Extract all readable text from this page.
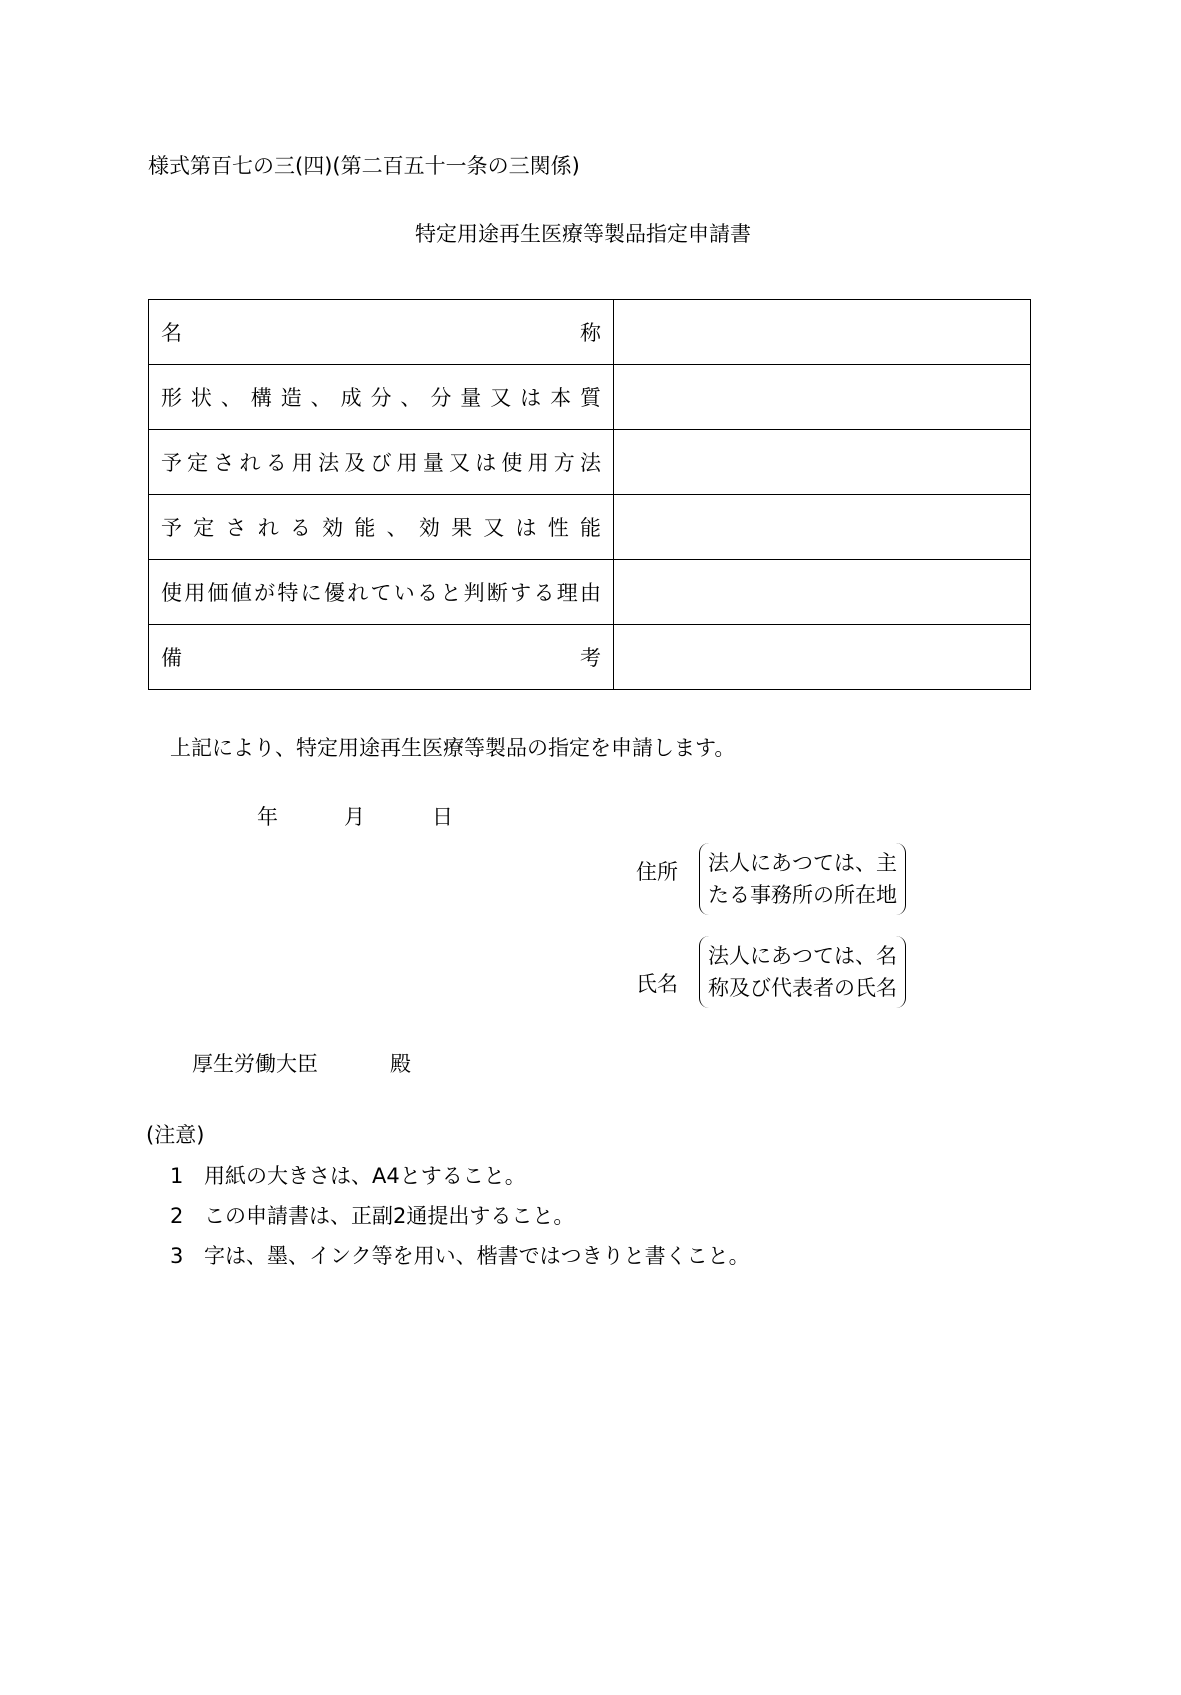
様式第百七の三(四)(第二百五十一条の三関係)
特定用途再生医療等製品指定申請書
名称	
形状、構造、成分、分量又は本質	
予定される用法及び用量又は使用方法	
予定される効能、効果又は性能	
使用価値が特に優れていると判断する理由	
備考	
上記により、特定用途再生医療等製品の指定を申請します。
年	月	日
住所 法人にあつては、主
たる事務所の所在地
氏名
法人にあつては、名
称及び代表者の氏名
厚生労働大臣	殿
(注意)
1 用紙の大きさは、A4とすること。
2 この申請書は、正副2通提出すること。
3 字は、墨、インク等を用い、楷書ではつきりと書くこと。
